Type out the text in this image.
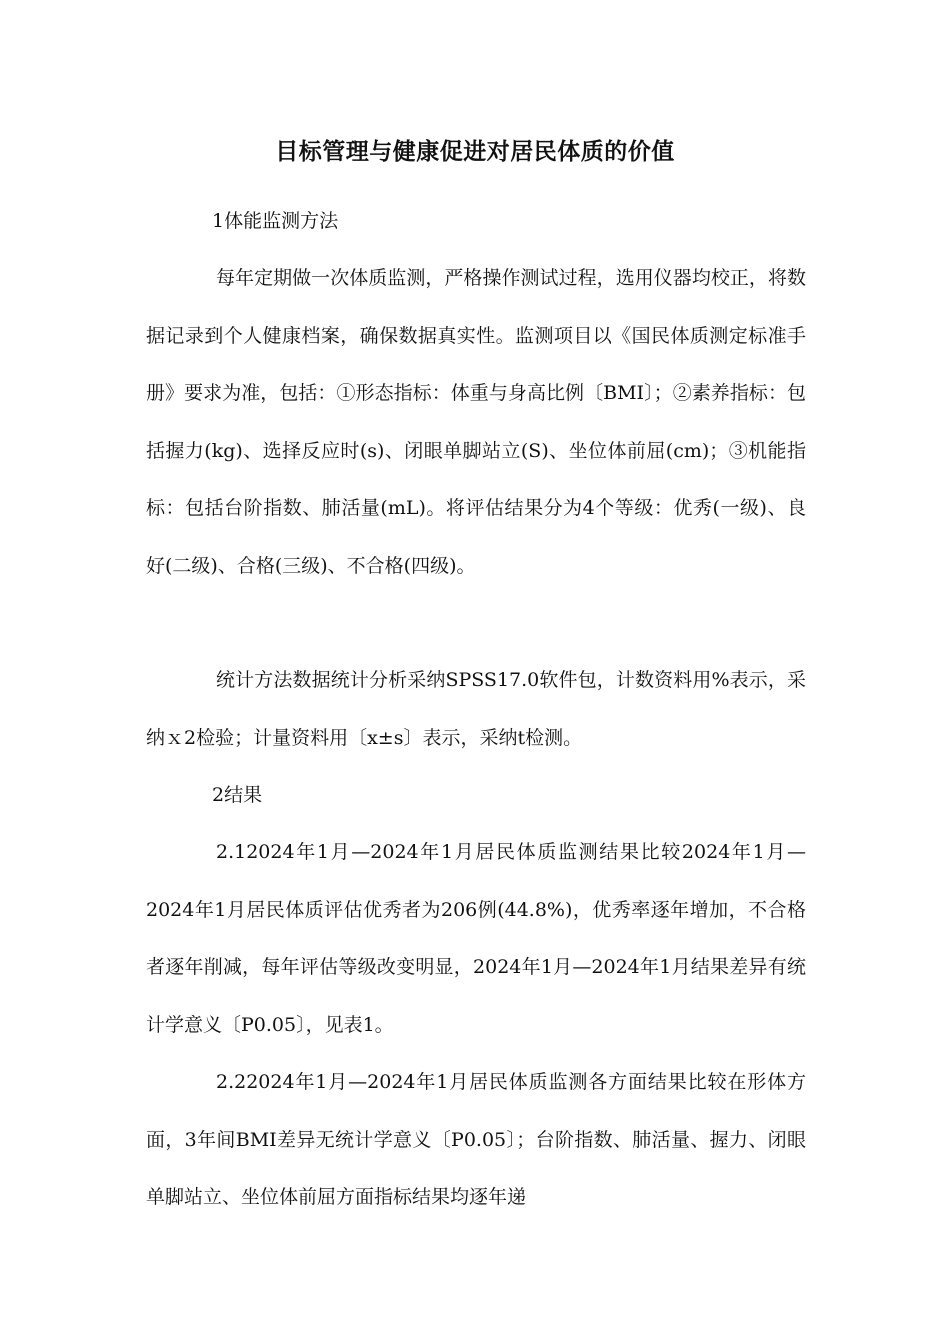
目标管理与健康促进对居民体质的价值

1体能监测方法

每年定期做一次体质监测，严格操作测试过程，选用仪器均校正，将数据记录到个人健康档案，确保数据真实性。监测项目以《国民体质测定标准手册》要求为准，包括：①形态指标：体重与身高比例〔BMI〕；②素养指标：包括握力(kg)、选择反应时(s)、闭眼单脚站立(S)、坐位体前屈(cm)；③机能指标：包括台阶指数、肺活量(mL)。将评估结果分为4个等级：优秀(一级)、良好(二级)、合格(三级)、不合格(四级)。

统计方法数据统计分析采纳SPSS17.0软件包，计数资料用%表示，采纳ｘ2检验；计量资料用〔x±s〕表示，采纳t检测。

2结果

2.12024年1月—2024年1月居民体质监测结果比较2024年1月—2024年1月居民体质评估优秀者为206例(44.8%)，优秀率逐年增加，不合格者逐年削减，每年评估等级改变明显，2024年1月—2024年1月结果差异有统计学意义〔P0.05〕，见表1。

2.22024年1月—2024年1月居民体质监测各方面结果比较在形体方面，3年间BMI差异无统计学意义〔P0.05〕；台阶指数、肺活量、握力、闭眼单脚站立、坐位体前屈方面指标结果均逐年递
